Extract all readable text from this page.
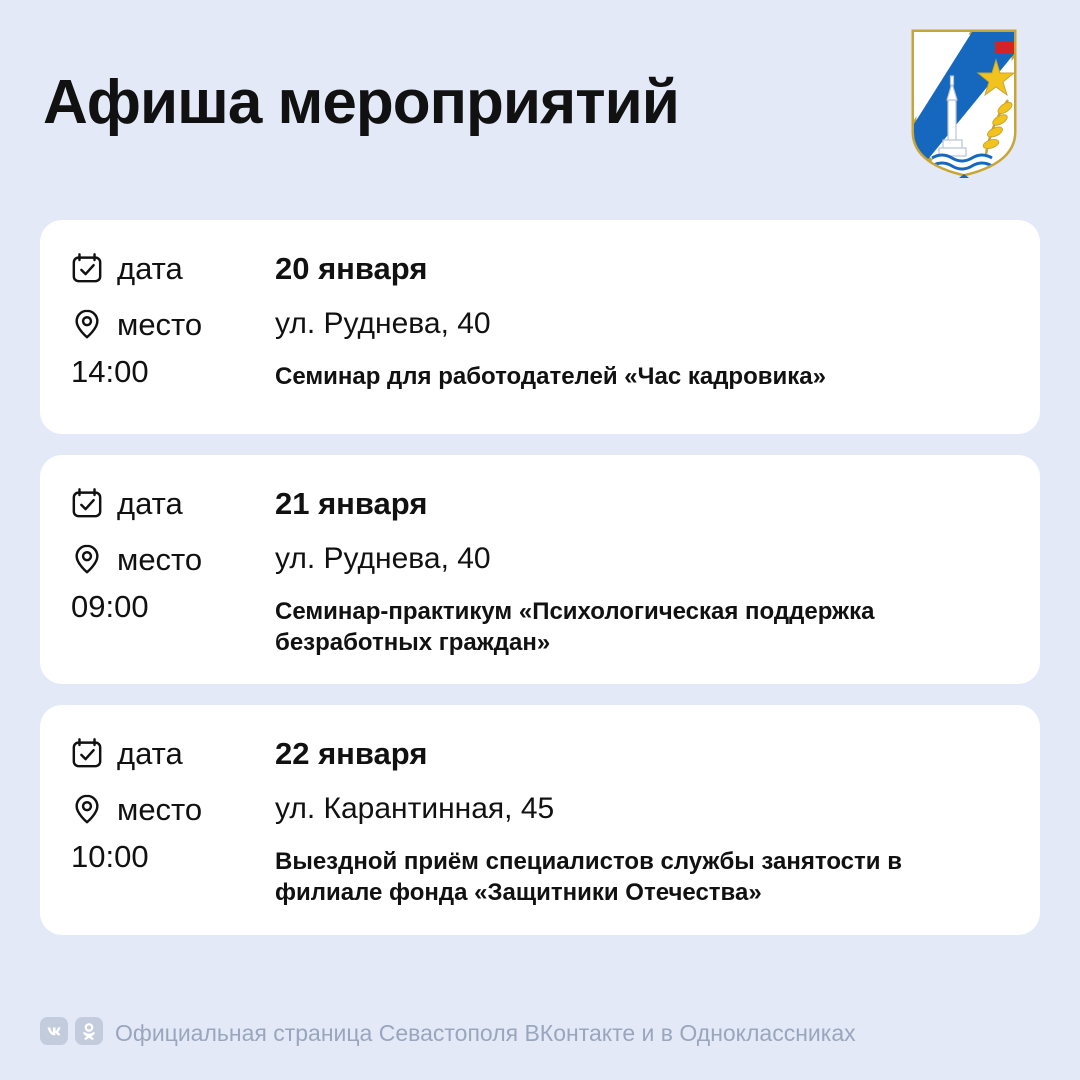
Афиша мероприятий
дата	20 января
место ул. Руднева, 40
14:00	Семинар для работодателей «Час кадровика»
дата	21 января
место ул. Руднева, 40
09:00	Семинар-практикум «Психологическая поддержка безработных граждан»
дата	22 января
место ул. Карантинная, 45
10:00	Выездной приём специалистов службы занятости в филиале фонда «Защитники Отечества»
Официальная страница Севастополя ВКонтакте и в Одноклассниках
